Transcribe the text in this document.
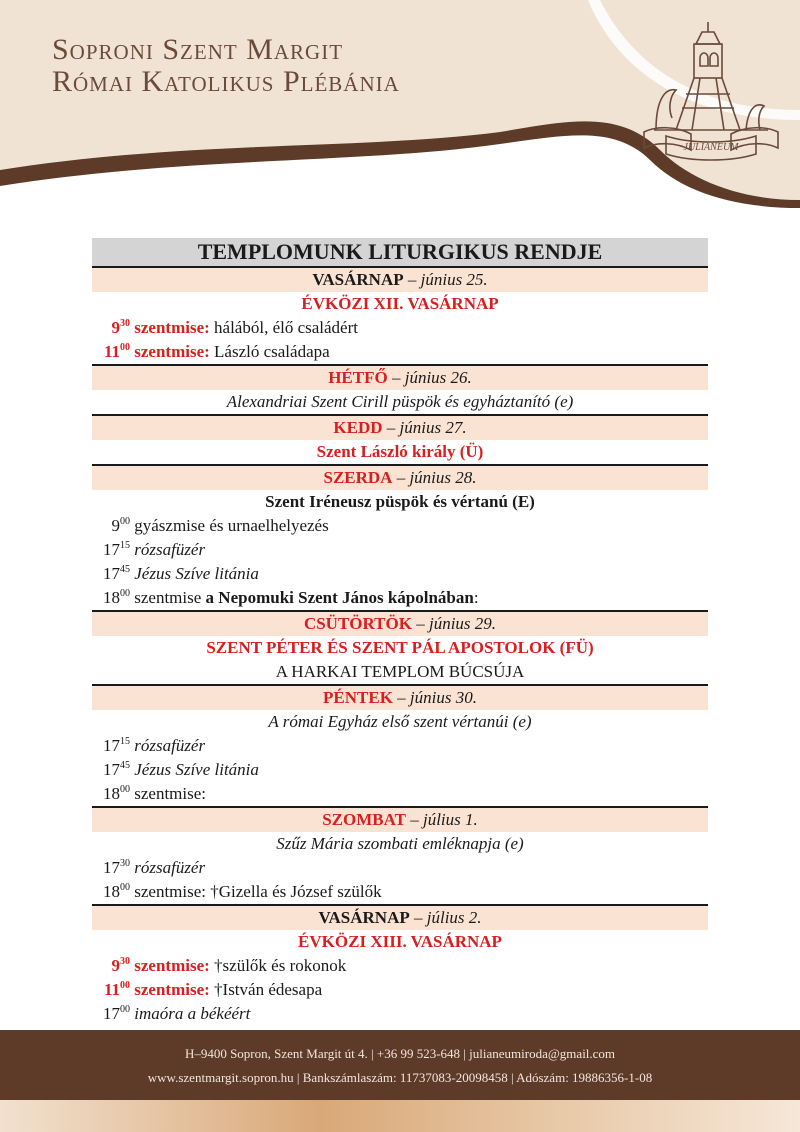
Soproni Szent Margit
Római Katolikus Plébánia
JULIANEUM
TEMPLOMUNK LITURGIKUS RENDJE
VASÁRNAP – június 25.
ÉVKÖZI XII. VASÁRNAP
$9^{30}$ szentmise: hálából, élő családért
$11^{00}$ szentmise: László családapa
HÉTFŐ – június 26.
Alexandriai Szent Cirill püspök és egyháztanító (e)
KEDD – június 27.
Szent László király (Ü)
SZERDA – június 28.
Szent Iréneusz püspök és vértanú (E)
$9^{00}$ gyászmise és urnaelhelyezés
$17^{15}$ rózsafüzér
$17^{45}$ Jézus Szíve litánia
$18^{00}$ szentmise a Nepomuki Szent János kápolnában:
CSÜTÖRTÖK – június 29.
SZENT PÉTER ÉS SZENT PÁL APOSTOLOK (FÜ)
A HARKAI TEMPLOM BÚCSÚJA
PÉNTEK – június 30.
A római Egyház első szent vértanúi (e)
$17^{15}$ rózsafüzér
$17^{45}$ Jézus Szíve litánia
$18^{00}$ szentmise:
SZOMBAT – július 1.
Szűz Mária szombati emléknapja (e)
$17^{30}$ rózsafüzér
$18^{00}$ szentmise: †Gizella és József szülők
VASÁRNAP – július 2.
ÉVKÖZI XIII. VASÁRNAP
$9^{30}$ szentmise: †szülők és rokonok
$11^{00}$ szentmise: †István édesapa
$17^{00}$ imaóra a békéért
H–9400 Sopron, Szent Margit út 4. | +36 99 523-648 | julianeumiroda@gmail.com
www.szentmargit.sopron.hu | Bankszámlaszám: 11737083-20098458 | Adószám: 19886356-1-08
